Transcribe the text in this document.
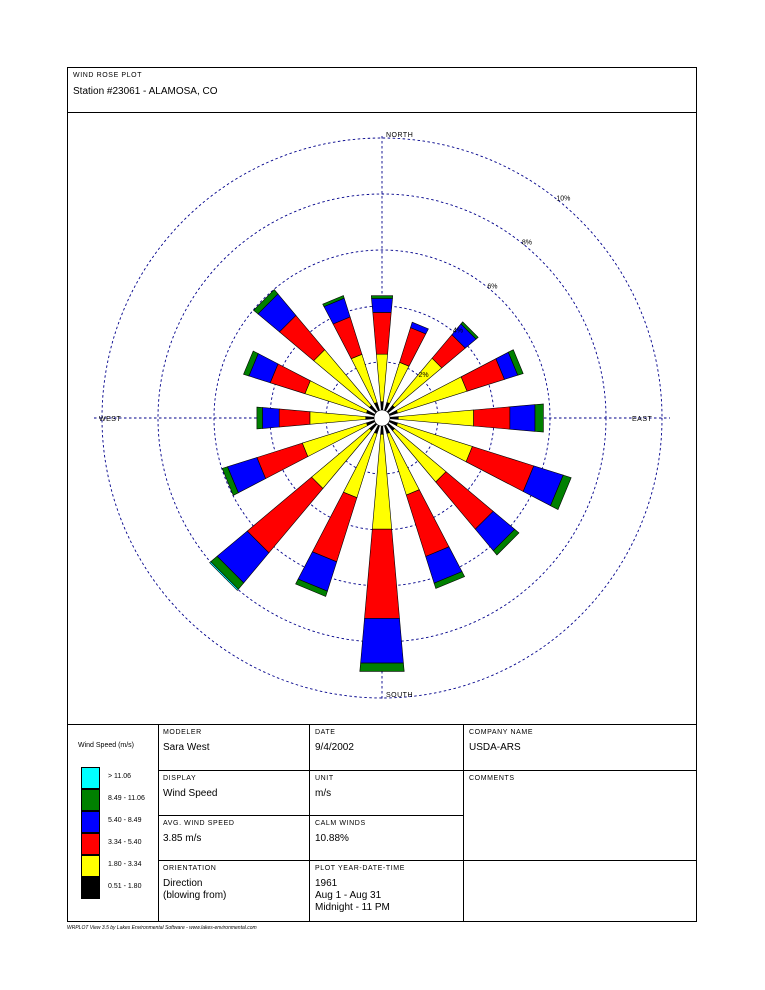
WIND ROSE PLOT
Station #23061 - ALAMOSA, CO
2%
4%
6%
8%
10%
NORTH
SOUTH
EAST
WEST
Wind Speed (m/s)
> 11.06
8.49 - 11.06
5.40 - 8.49
3.34 - 5.40
1.80 - 3.34
0.51 - 1.80
MODELER
Sara West
DATE
9/4/2002
COMPANY NAME
USDA-ARS
DISPLAY
Wind Speed
UNIT
m/s
COMMENTS
AVG. WIND SPEED
3.85 m/s
CALM WINDS
10.88%
ORIENTATION
Direction
(blowing from)
PLOT YEAR-DATE-TIME
1961
Aug 1 - Aug 31
Midnight - 11 PM
WRPLOT View 3.5 by Lakes Environmental Software - www.lakes-environmental.com
